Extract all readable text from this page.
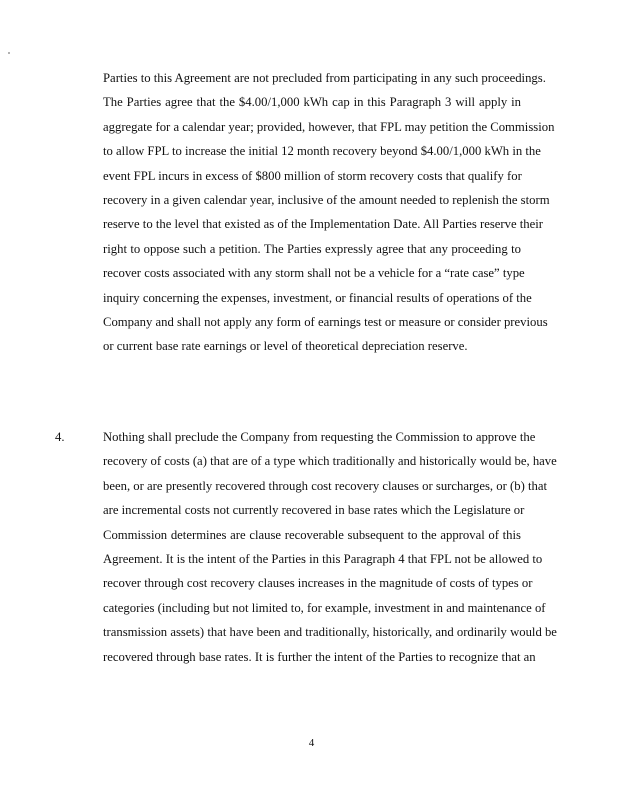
Parties to this Agreement are not precluded from participating in any such proceedings.
The Parties agree that the $4.00/1,000 kWh cap in this Paragraph 3 will apply in
aggregate for a calendar year; provided, however, that FPL may petition the Commission
to allow FPL to increase the initial 12 month recovery beyond $4.00/1,000 kWh in the
event FPL incurs in excess of $800 million of storm recovery costs that qualify for
recovery in a given calendar year, inclusive of the amount needed to replenish the storm
reserve to the level that existed as of the Implementation Date. All Parties reserve their
right to oppose such a petition. The Parties expressly agree that any proceeding to
recover costs associated with any storm shall not be a vehicle for a “rate case” type
inquiry concerning the expenses, investment, or financial results of operations of the
Company and shall not apply any form of earnings test or measure or consider previous
or current base rate earnings or level of theoretical depreciation reserve.
4.	Nothing shall preclude the Company from requesting the Commission to approve the
recovery of costs (a) that are of a type which traditionally and historically would be, have
been, or are presently recovered through cost recovery clauses or surcharges, or (b) that
are incremental costs not currently recovered in base rates which the Legislature or
Commission determines are clause recoverable subsequent to the approval of this
Agreement. It is the intent of the Parties in this Paragraph 4 that FPL not be allowed to
recover through cost recovery clauses increases in the magnitude of costs of types or
categories (including but not limited to, for example, investment in and maintenance of
transmission assets) that have been and traditionally, historically, and ordinarily would be
recovered through base rates. It is further the intent of the Parties to recognize that an
4
